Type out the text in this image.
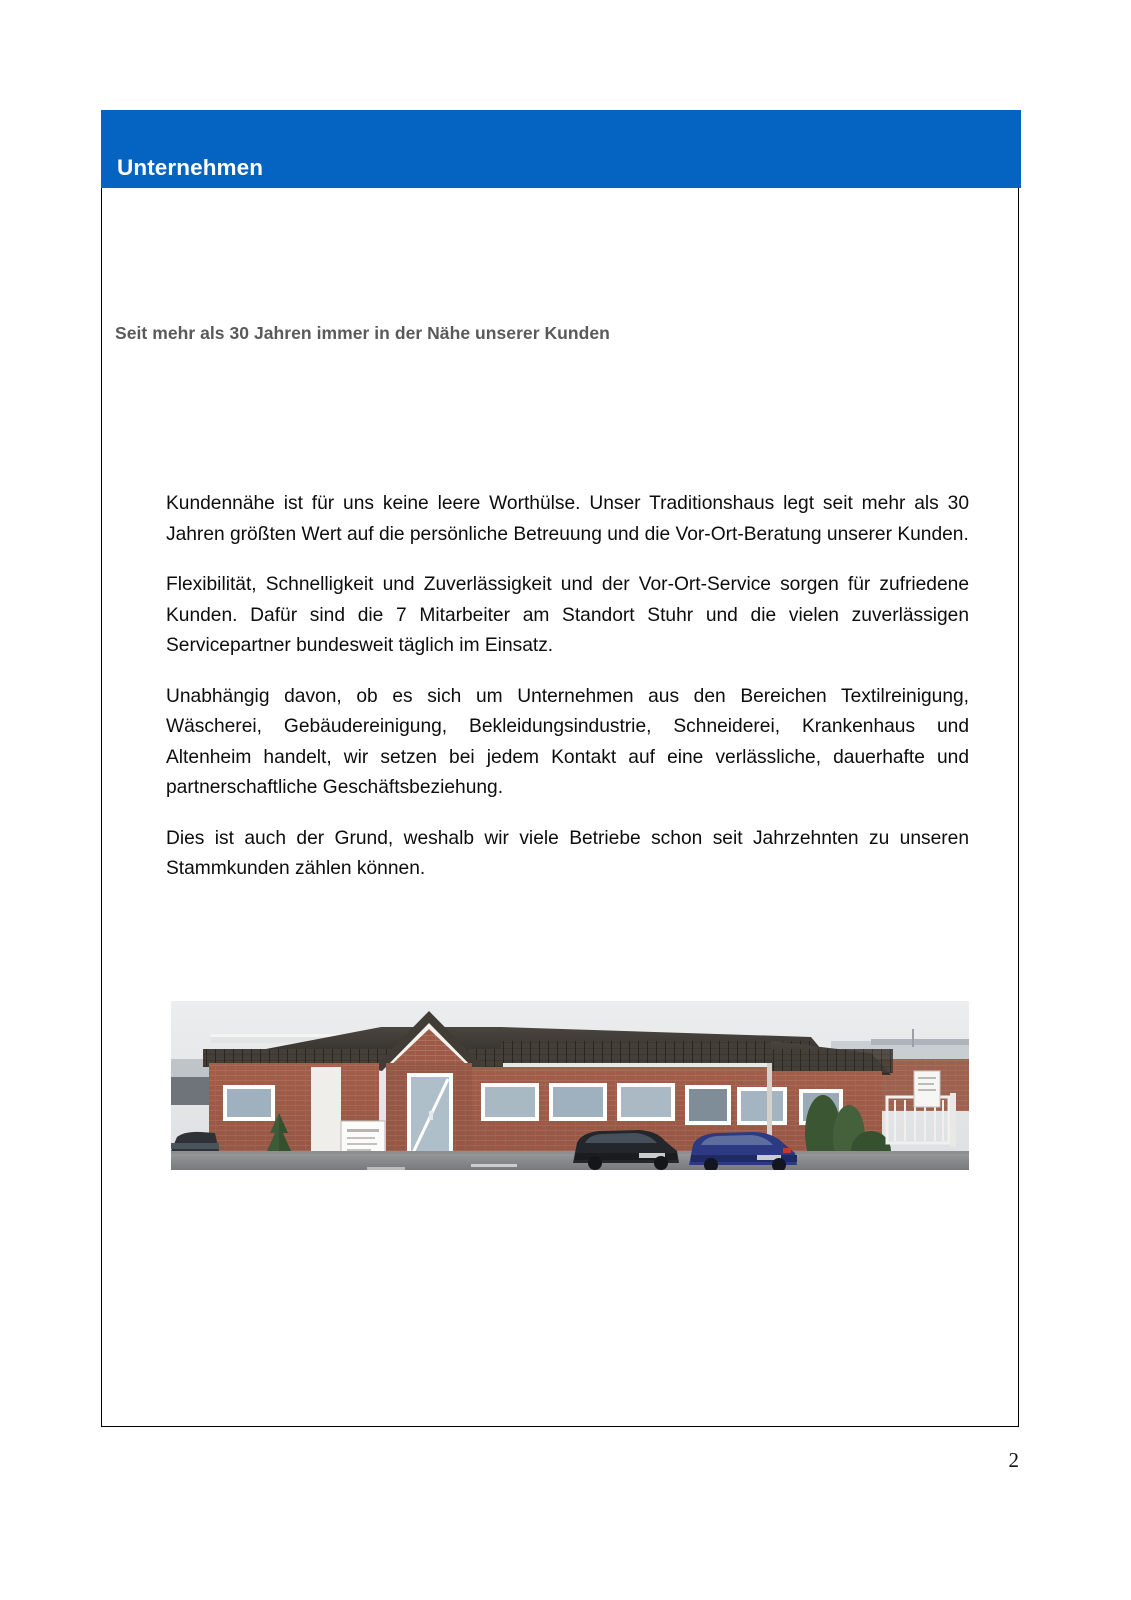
Unternehmen
Seit mehr als 30 Jahren immer in der Nähe unserer Kunden

Kundennähe ist für uns keine leere Worthülse. Unser Traditionshaus legt seit mehr als 30 Jahren größten Wert auf die persönliche Betreuung und die Vor-Ort-Beratung unserer Kunden.

Flexibilität, Schnelligkeit und Zuverlässigkeit und der Vor-Ort-Service sorgen für zufriedene Kunden. Dafür sind die 7 Mitarbeiter am Standort Stuhr und die vielen zuverlässigen Servicepartner bundesweit täglich im Einsatz.

Unabhängig davon, ob es sich um Unternehmen aus den Bereichen Textilreinigung, Wäscherei, Gebäudereinigung, Bekleidungsindustrie, Schneiderei, Krankenhaus und Altenheim handelt, wir setzen bei jedem Kontakt auf eine verlässliche, dauerhafte und partnerschaftliche Geschäftsbeziehung.

Dies ist auch der Grund, weshalb wir viele Betriebe schon seit Jahrzehnten zu unseren Stammkunden zählen können.

2
